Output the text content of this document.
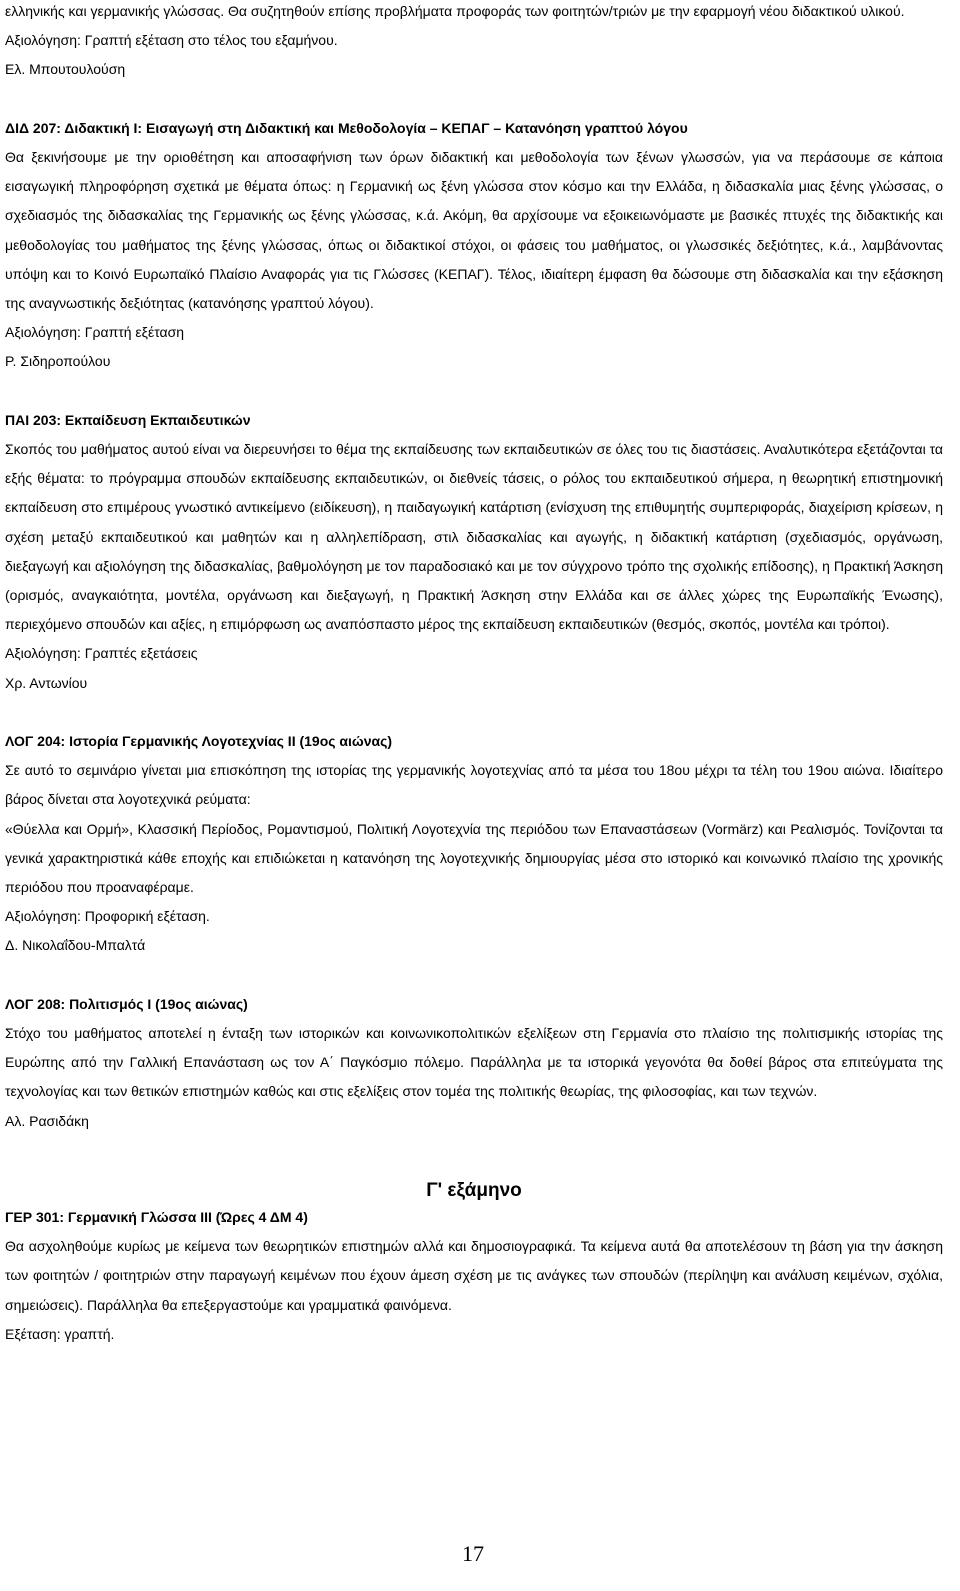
ελληνικής και γερμανικής γλώσσας. Θα συζητηθούν επίσης προβλήματα προφοράς των φοιτητών/τριών με την εφαρμογή νέου διδακτικού υλικού.

Αξιολόγηση: Γραπτή εξέταση στο τέλος του εξαμήνου.

Ελ. Μπουτουλούση

ΔΙΔ 207: Διδακτική Ι: Εισαγωγή στη Διδακτική και Μεθοδολογία – ΚΕΠΑΓ – Κατανόηση γραπτού λόγου

Θα ξεκινήσουμε με την οριοθέτηση και αποσαφήνιση των όρων διδακτική και μεθοδολογία των ξένων γλωσσών, για να περάσουμε σε κάποια εισαγωγική πληροφόρηση σχετικά με θέματα όπως: η Γερμανική ως ξένη γλώσσα στον κόσμο και την Ελλάδα, η διδασκαλία μιας ξένης γλώσσας, ο σχεδιασμός της διδασκαλίας της Γερμανικής ως ξένης γλώσσας, κ.ά. Ακόμη, θα αρχίσουμε να εξοικειωνόμαστε με βασικές πτυχές της διδακτικής και μεθοδολογίας του μαθήματος της ξένης γλώσσας, όπως οι διδακτικοί στόχοι, οι φάσεις του μαθήματος, οι γλωσσικές δεξιότητες, κ.ά., λαμβάνοντας υπόψη και το Κοινό Ευρωπαϊκό Πλαίσιο Αναφοράς για τις Γλώσσες (ΚΕΠΑΓ). Τέλος, ιδιαίτερη έμφαση θα δώσουμε στη διδασκαλία και την εξάσκηση της αναγνωστικής δεξιότητας (κατανόησης γραπτού λόγου).

Αξιολόγηση: Γραπτή εξέταση

Ρ. Σιδηροπούλου

ΠΑΙ 203: Εκπαίδευση Εκπαιδευτικών

Σκοπός του μαθήματος αυτού είναι να διερευνήσει το θέμα της εκπαίδευσης των εκπαιδευτικών σε όλες του τις διαστάσεις. Αναλυτικότερα εξετάζονται τα εξής θέματα: το πρόγραμμα σπουδών εκπαίδευσης εκπαιδευτικών, οι διεθνείς τάσεις, ο ρόλος του εκπαιδευτικού σήμερα, η θεωρητική επιστημονική εκπαίδευση στο επιμέρους γνωστικό αντικείμενο (ειδίκευση), η παιδαγωγική κατάρτιση (ενίσχυση της επιθυμητής συμπεριφοράς, διαχείριση κρίσεων, η σχέση μεταξύ εκπαιδευτικού και μαθητών και η αλληλεπίδραση, στιλ διδασκαλίας και αγωγής, η διδακτική κατάρτιση (σχεδιασμός, οργάνωση, διεξαγωγή και αξιολόγηση της διδασκαλίας, βαθμολόγηση με τον παραδοσιακό και με τον σύγχρονο τρόπο της σχολικής επίδοσης), η Πρακτική Άσκηση (ορισμός, αναγκαιότητα, μοντέλα, οργάνωση και διεξαγωγή, η Πρακτική Άσκηση στην Ελλάδα και σε άλλες χώρες της Ευρωπαϊκής Ένωσης), περιεχόμενο σπουδών και αξίες, η επιμόρφωση ως αναπόσπαστο μέρος της εκπαίδευση εκπαιδευτικών (θεσμός, σκοπός, μοντέλα και τρόποι).

Αξιολόγηση: Γραπτές εξετάσεις

Χρ. Αντωνίου

ΛΟΓ 204: Ιστορία Γερμανικής Λογοτεχνίας ΙΙ (19ος αιώνας)

Σε αυτό το σεμινάριο γίνεται μια επισκόπηση της ιστορίας της γερμανικής λογοτεχνίας από τα μέσα του 18ου μέχρι τα τέλη του 19ου αιώνα. Ιδιαίτερο βάρος δίνεται στα λογοτεχνικά ρεύματα:

«Θύελλα και Ορμή», Κλασσική Περίοδος, Ρομαντισμού, Πολιτική Λογοτεχνία της περιόδου των Επαναστάσεων (Vormärz) και Ρεαλισμός. Τονίζονται τα γενικά χαρακτηριστικά κάθε εποχής και επιδιώκεται η κατανόηση της λογοτεχνικής δημιουργίας μέσα στο ιστορικό και κοινωνικό πλαίσιο της χρονικής περιόδου που προαναφέραμε.

Αξιολόγηση: Προφορική εξέταση.

Δ. Νικολαΐδου-Μπαλτά

ΛΟΓ 208: Πολιτισμός Ι (19ος αιώνας)

Στόχο του μαθήματος αποτελεί η ένταξη των ιστορικών και κοινωνικοπολιτικών εξελίξεων στη Γερμανία στο πλαίσιο της πολιτισμικής ιστορίας της Ευρώπης από την Γαλλική Επανάσταση ως τον Α΄ Παγκόσμιο πόλεμο. Παράλληλα με τα ιστορικά γεγονότα θα δοθεί βάρος στα επιτεύγματα της τεχνολογίας και των θετικών επιστημών καθώς και στις εξελίξεις στον τομέα της πολιτικής θεωρίας, της φιλοσοφίας, και των τεχνών.

Αλ. Ρασιδάκη

Γ' εξάμηνο

ΓΕΡ 301: Γερμανική Γλώσσα ΙΙΙ (Ώρες 4 ΔΜ 4)

Θα ασχοληθούμε κυρίως με κείμενα των θεωρητικών επιστημών αλλά και δημοσιογραφικά. Τα κείμενα αυτά θα αποτελέσουν τη βάση για την άσκηση των φοιτητών / φοιτητριών στην παραγωγή κειμένων που έχουν άμεση σχέση με τις ανάγκες των σπουδών (περίληψη και ανάλυση κειμένων, σχόλια, σημειώσεις). Παράλληλα θα επεξεργαστούμε και γραμματικά φαινόμενα.

Εξέταση: γραπτή.

17
